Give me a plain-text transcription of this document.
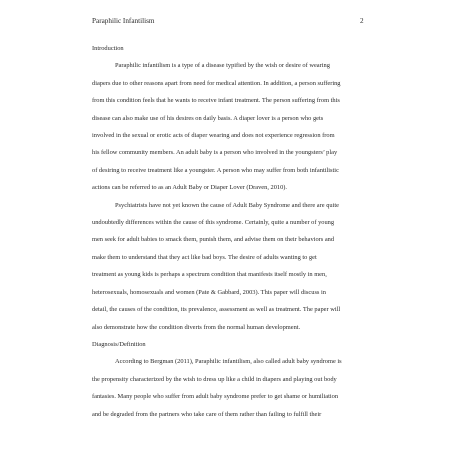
Paraphilic Infantilism	2
Introduction
Paraphilic infantilism is a type of a disease typified by the wish or desire of wearing
diapers due to other reasons apart from need for medical attention. In addition, a person suffering
from this condition feels that he wants to receive infant treatment. The person suffering from this
disease can also make use of his desires on daily basis. A diaper lover is a person who gets
involved in the sexual or erotic acts of diaper wearing and does not experience regression from
his fellow community members. An adult baby is a person who involved in the youngsters’ play
of desiring to receive treatment like a youngster. A person who may suffer from both infantilistic
actions can be referred to as an Adult Baby or Diaper Lover (Draven, 2010).
Psychiatrists have not yet known the cause of Adult Baby Syndrome and there are quite
undoubtedly differences within the cause of this syndrome. Certainly, quite a number of young
men seek for adult babies to smack them, punish them, and advise them on their behaviors and
make them to understand that they act like bad boys. The desire of adults wanting to get
treatment as young kids is perhaps a spectrum condition that manifests itself mostly in men,
heterosexuals, homosexuals and women (Pate & Gabbard, 2003). This paper will discuss in
detail, the causes of the condition, its prevalence, assessment as well as treatment. The paper will
also demonstrate how the condition diverts from the normal human development.
Diagnosis/Definition
According to Bergman (2011), Paraphilic infantilism, also called adult baby syndrome is
the propensity characterized by the wish to dress up like a child in diapers and playing out body
fantasies. Many people who suffer from adult baby syndrome prefer to get shame or humiliation
and be degraded from the partners who take care of them rather than failing to fulfill their
